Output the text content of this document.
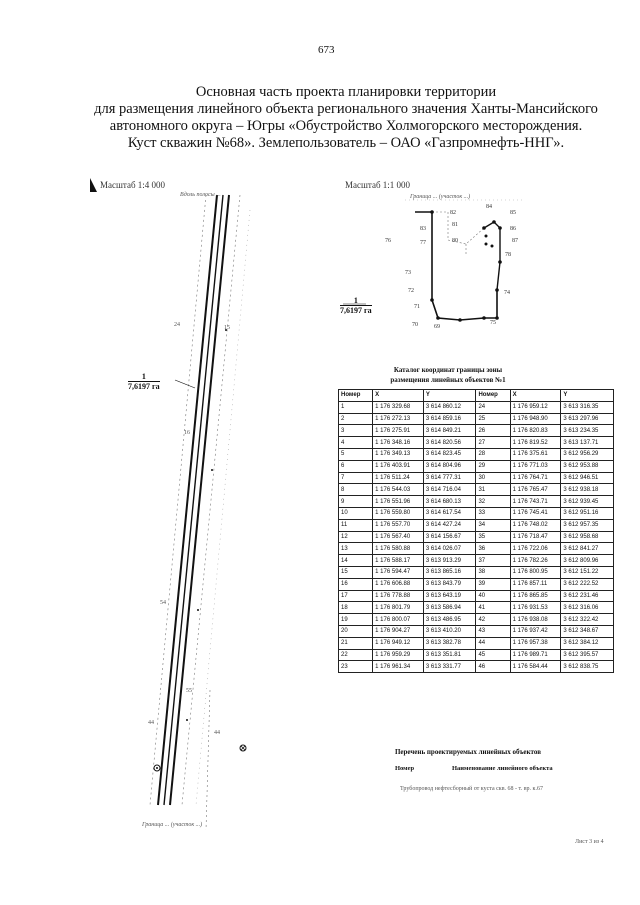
673
Основная часть проекта планировки территории
для размещения линейного объекта регионального значения Ханты-Мансийского
автономного округа – Югры «Обустройство Холмогорского месторождения.
Куст скважин №68». Землепользователь – ОАО «Газпромнефть-ННГ».
Масштаб 1:4 000
Вдоль полосы ...
1
7,6197 га
24	15
16
54
55
44
44
Граница ... (участок ...)
Масштаб 1:1 000
Граница ... (участок ...)
1
7,6197 га
82
84
85
81
86
80
83
87
77
76
78
73
72	74
71
70	69
75
Каталог координат границы зоны
размещения линейных объектов №1
Номер	X	Y	Номер	X	Y
1	1 176 329.68	3 614 860.12	24	1 176 959.12	3 613 316.35
2	1 176 272.13	3 614 859.16	25	1 176 948.90	3 613 297.96
3	1 176 275.91	3 614 849.21	26	1 176 820.83	3 613 234.35
4	1 176 348.16	3 614 820.56	27	1 176 819.52	3 613 137.71
5	1 176 349.13	3 614 823.45	28	1 176 375.61	3 612 956.29
6	1 176 403.91	3 614 804.96	29	1 176 771.03	3 612 953.88
7	1 176 511.24	3 614 777.31	30	1 176 764.71	3 612 946.51
8	1 176 544.03	3 614 716.04	31	1 176 765.47	3 612 938.18
9	1 176 551.96	3 614 680.13	32	1 176 743.71	3 612 939.45
10	1 176 559.80	3 614 617.54	33	1 176 745.41	3 612 951.16
11	1 176 557.70	3 614 427.24	34	1 176 748.02	3 612 957.35
12	1 176 567.40	3 614 156.67	35	1 176 718.47	3 612 958.68
13	1 176 580.88	3 614 026.07	36	1 176 722.06	3 612 841.27
14	1 176 588.17	3 613 913.29	37	1 176 782.26	3 612 809.96
15	1 176 594.47	3 613 865.16	38	1 176 800.95	3 612 151.22
16	1 176 606.88	3 613 843.79	39	1 176 857.11	3 612 222.52
17	1 176 778.88	3 613 643.19	40	1 176 865.85	3 612 231.46
18	1 176 801.79	3 613 586.94	41	1 176 931.53	3 612 316.06
19	1 176 800.07	3 613 486.95	42	1 176 938.08	3 612 322.42
20	1 176 904.27	3 613 410.20	43	1 176 937.42	3 612 348.67
21	1 176 949.12	3 613 382.78	44	1 176 957.38	3 612 384.12
22	1 176 959.29	3 613 351.81	45	1 176 989.71	3 612 395.57
23	1 176 961.34	3 613 331.77	46	1 176 584.44	3 612 838.75
Перечень проектируемых линейных объектов
Номер	Наименование линейного объекта
Трубопровод нефтесборный от куста скв. 68 - т. вр. к.67
Лист 3 из 4
